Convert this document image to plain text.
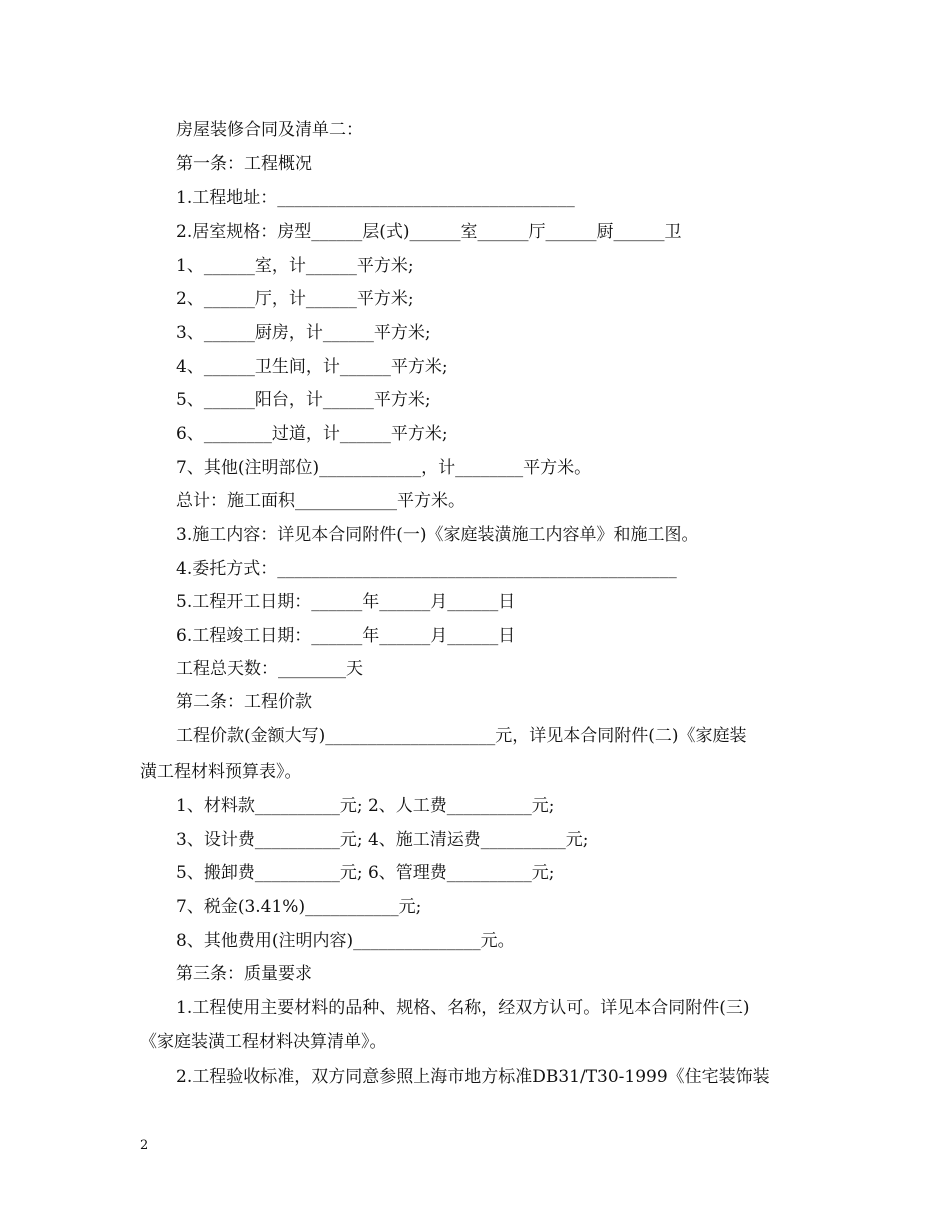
房屋装修合同及清单二：
第一条：工程概况
1.工程地址：___________________________________
2.居室规格：房型______层(式)______室______厅______厨______卫
1、______室，计______平方米;
2、______厅，计______平方米;
3、______厨房，计______平方米;
4、______卫生间，计______平方米;
5、______阳台，计______平方米;
6、________过道，计______平方米;
7、其他(注明部位)____________，计________平方米。
总计：施工面积____________平方米。
3.施工内容：详见本合同附件(一)《家庭装潢施工内容单》和施工图。
4.委托方式：_______________________________________________
5.工程开工日期：______年______月______日
6.工程竣工日期：______年______月______日
工程总天数：________天
第二条：工程价款
工程价款(金额大写)____________________元，详见本合同附件(二)《家庭装
潢工程材料预算表》。
1、材料款__________元; 2、人工费__________元;
3、设计费__________元; 4、施工清运费__________元;
5、搬卸费__________元; 6、管理费__________元;
7、税金(3.41%)___________元;
8、其他费用(注明内容)_______________元。
第三条：质量要求
1.工程使用主要材料的品种、规格、名称，经双方认可。详见本合同附件(三)
《家庭装潢工程材料决算清单》。
2.工程验收标准，双方同意参照上海市地方标准DB31/T30-1999《住宅装饰装
2
